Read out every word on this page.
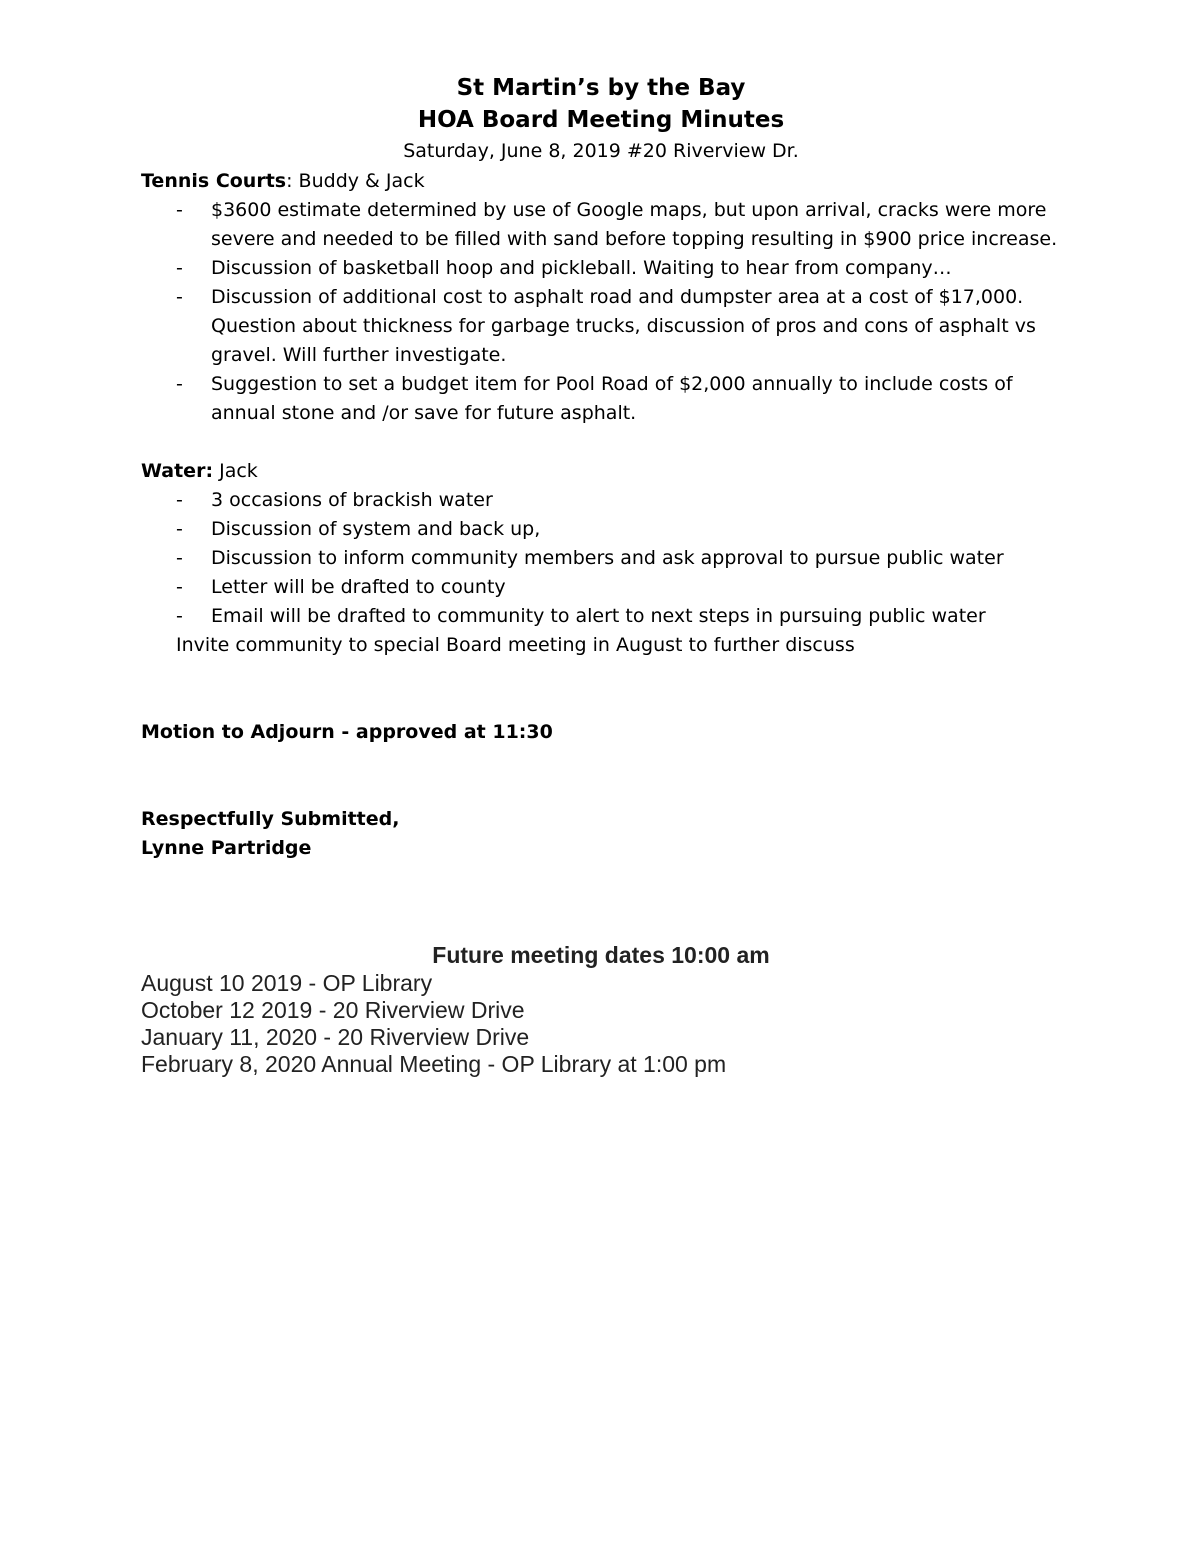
St Martin’s by the Bay

HOA Board Meeting Minutes

Saturday, June 8, 2019 #20 Riverview Dr.

Tennis Courts: Buddy & Jack

- $3600 estimate determined by use of Google maps, but upon arrival, cracks were more severe and needed to be filled with sand before topping resulting in $900 price increase.
- Discussion of basketball hoop and pickleball. Waiting to hear from company…
- Discussion of additional cost to asphalt road and dumpster area at a cost of $17,000. Question about thickness for garbage trucks, discussion of pros and cons of asphalt vs gravel. Will further investigate.
- Suggestion to set a budget item for Pool Road of $2,000 annually to include costs of annual stone and /or save for future asphalt.

Water: Jack

- 3 occasions of brackish water
- Discussion of system and back up,
- Discussion to inform community members and ask approval to pursue public water
- Letter will be drafted to county
- Email will be drafted to community to alert to next steps in pursuing public water

Invite community to special Board meeting in August to further discuss

Motion to Adjourn - approved at 11:30

Respectfully Submitted,

Lynne Partridge

Future meeting dates 10:00 am

August 10 2019 - OP Library

October 12 2019 - 20 Riverview Drive

January 11, 2020 - 20 Riverview Drive

February 8, 2020 Annual Meeting - OP Library at 1:00 pm
